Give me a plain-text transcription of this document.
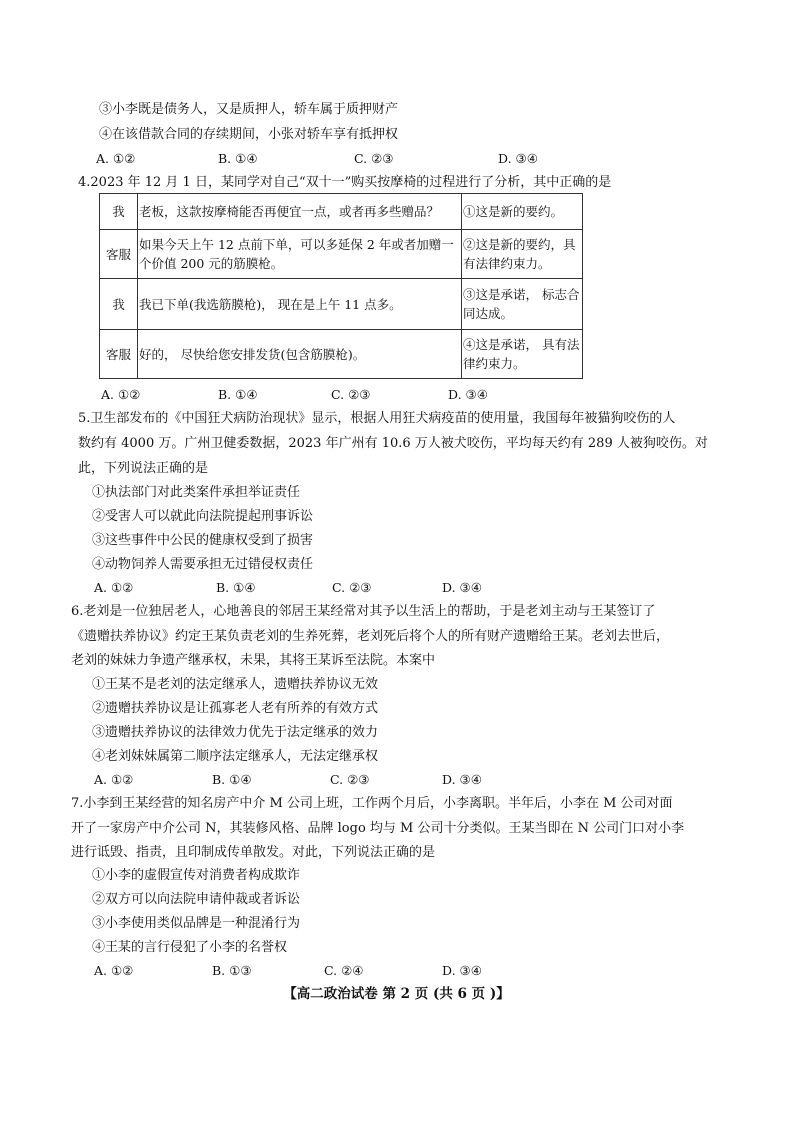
③小李既是债务人，又是质押人，轿车属于质押财产
④在该借款合同的存续期间，小张对轿车享有抵押权
A. ①②	B. ①④	C. ②③	D. ③④
4.2023 年 12 月 1 日，某同学对自己“双十一”购买按摩椅的过程进行了分析，其中正确的是
我	老板，这款按摩椅能否再便宜一点，或者再多些赠品？	①这是新的要约。
客服	如果今天上午 12 点前下单，可以多延保 2 年或者加赠一个价值 200 元的筋膜枪。	②这是新的要约，具有法律约束力。
我	我已下单(我选筋膜枪)， 现在是上午 11 点多。	③这是承诺， 标志合同达成。
客服	好的， 尽快给您安排发货(包含筋膜枪)。	④这是承诺， 具有法律约束力。
A. ①②	B. ①④	C. ②③	D. ③④
5.卫生部发布的《中国狂犬病防治现状》显示，根据人用狂犬病疫苗的使用量，我国每年被猫狗咬伤的人
数约有 4000 万。广州卫健委数据，2023 年广州有 10.6 万人被犬咬伤，平均每天约有 289 人被狗咬伤。对
此，下列说法正确的是
①执法部门对此类案件承担举证责任
②受害人可以就此向法院提起刑事诉讼
③这些事件中公民的健康权受到了损害
④动物饲养人需要承担无过错侵权责任
A. ①②	B. ①④	C. ②③	D. ③④
6.老刘是一位独居老人，心地善良的邻居王某经常对其予以生活上的帮助，于是老刘主动与王某签订了
《遗赠扶养协议》约定王某负责老刘的生养死葬，老刘死后将个人的所有财产遗赠给王某。老刘去世后，
老刘的妹妹力争遗产继承权，未果，其将王某诉至法院。本案中
①王某不是老刘的法定继承人，遗赠扶养协议无效
②遗赠扶养协议是让孤寡老人老有所养的有效方式
③遗赠扶养协议的法律效力优先于法定继承的效力
④老刘妹妹属第二顺序法定继承人，无法定继承权
A. ①②	B. ①④	C. ②③	D. ③④
7.小李到王某经营的知名房产中介 M 公司上班，工作两个月后，小李离职。半年后，小李在 M 公司对面
开了一家房产中介公司 N，其装修风格、品牌 logo 均与 M 公司十分类似。王某当即在 N 公司门口对小李
进行诋毁、指责，且印制成传单散发。对此，下列说法正确的是
①小李的虚假宣传对消费者构成欺诈
②双方可以向法院申请仲裁或者诉讼
③小李使用类似品牌是一种混淆行为
④王某的言行侵犯了小李的名誉权
A. ①②	B. ①③	C. ②④	D. ③④
【高二政治试卷 第 2 页 (共 6 页 )】
